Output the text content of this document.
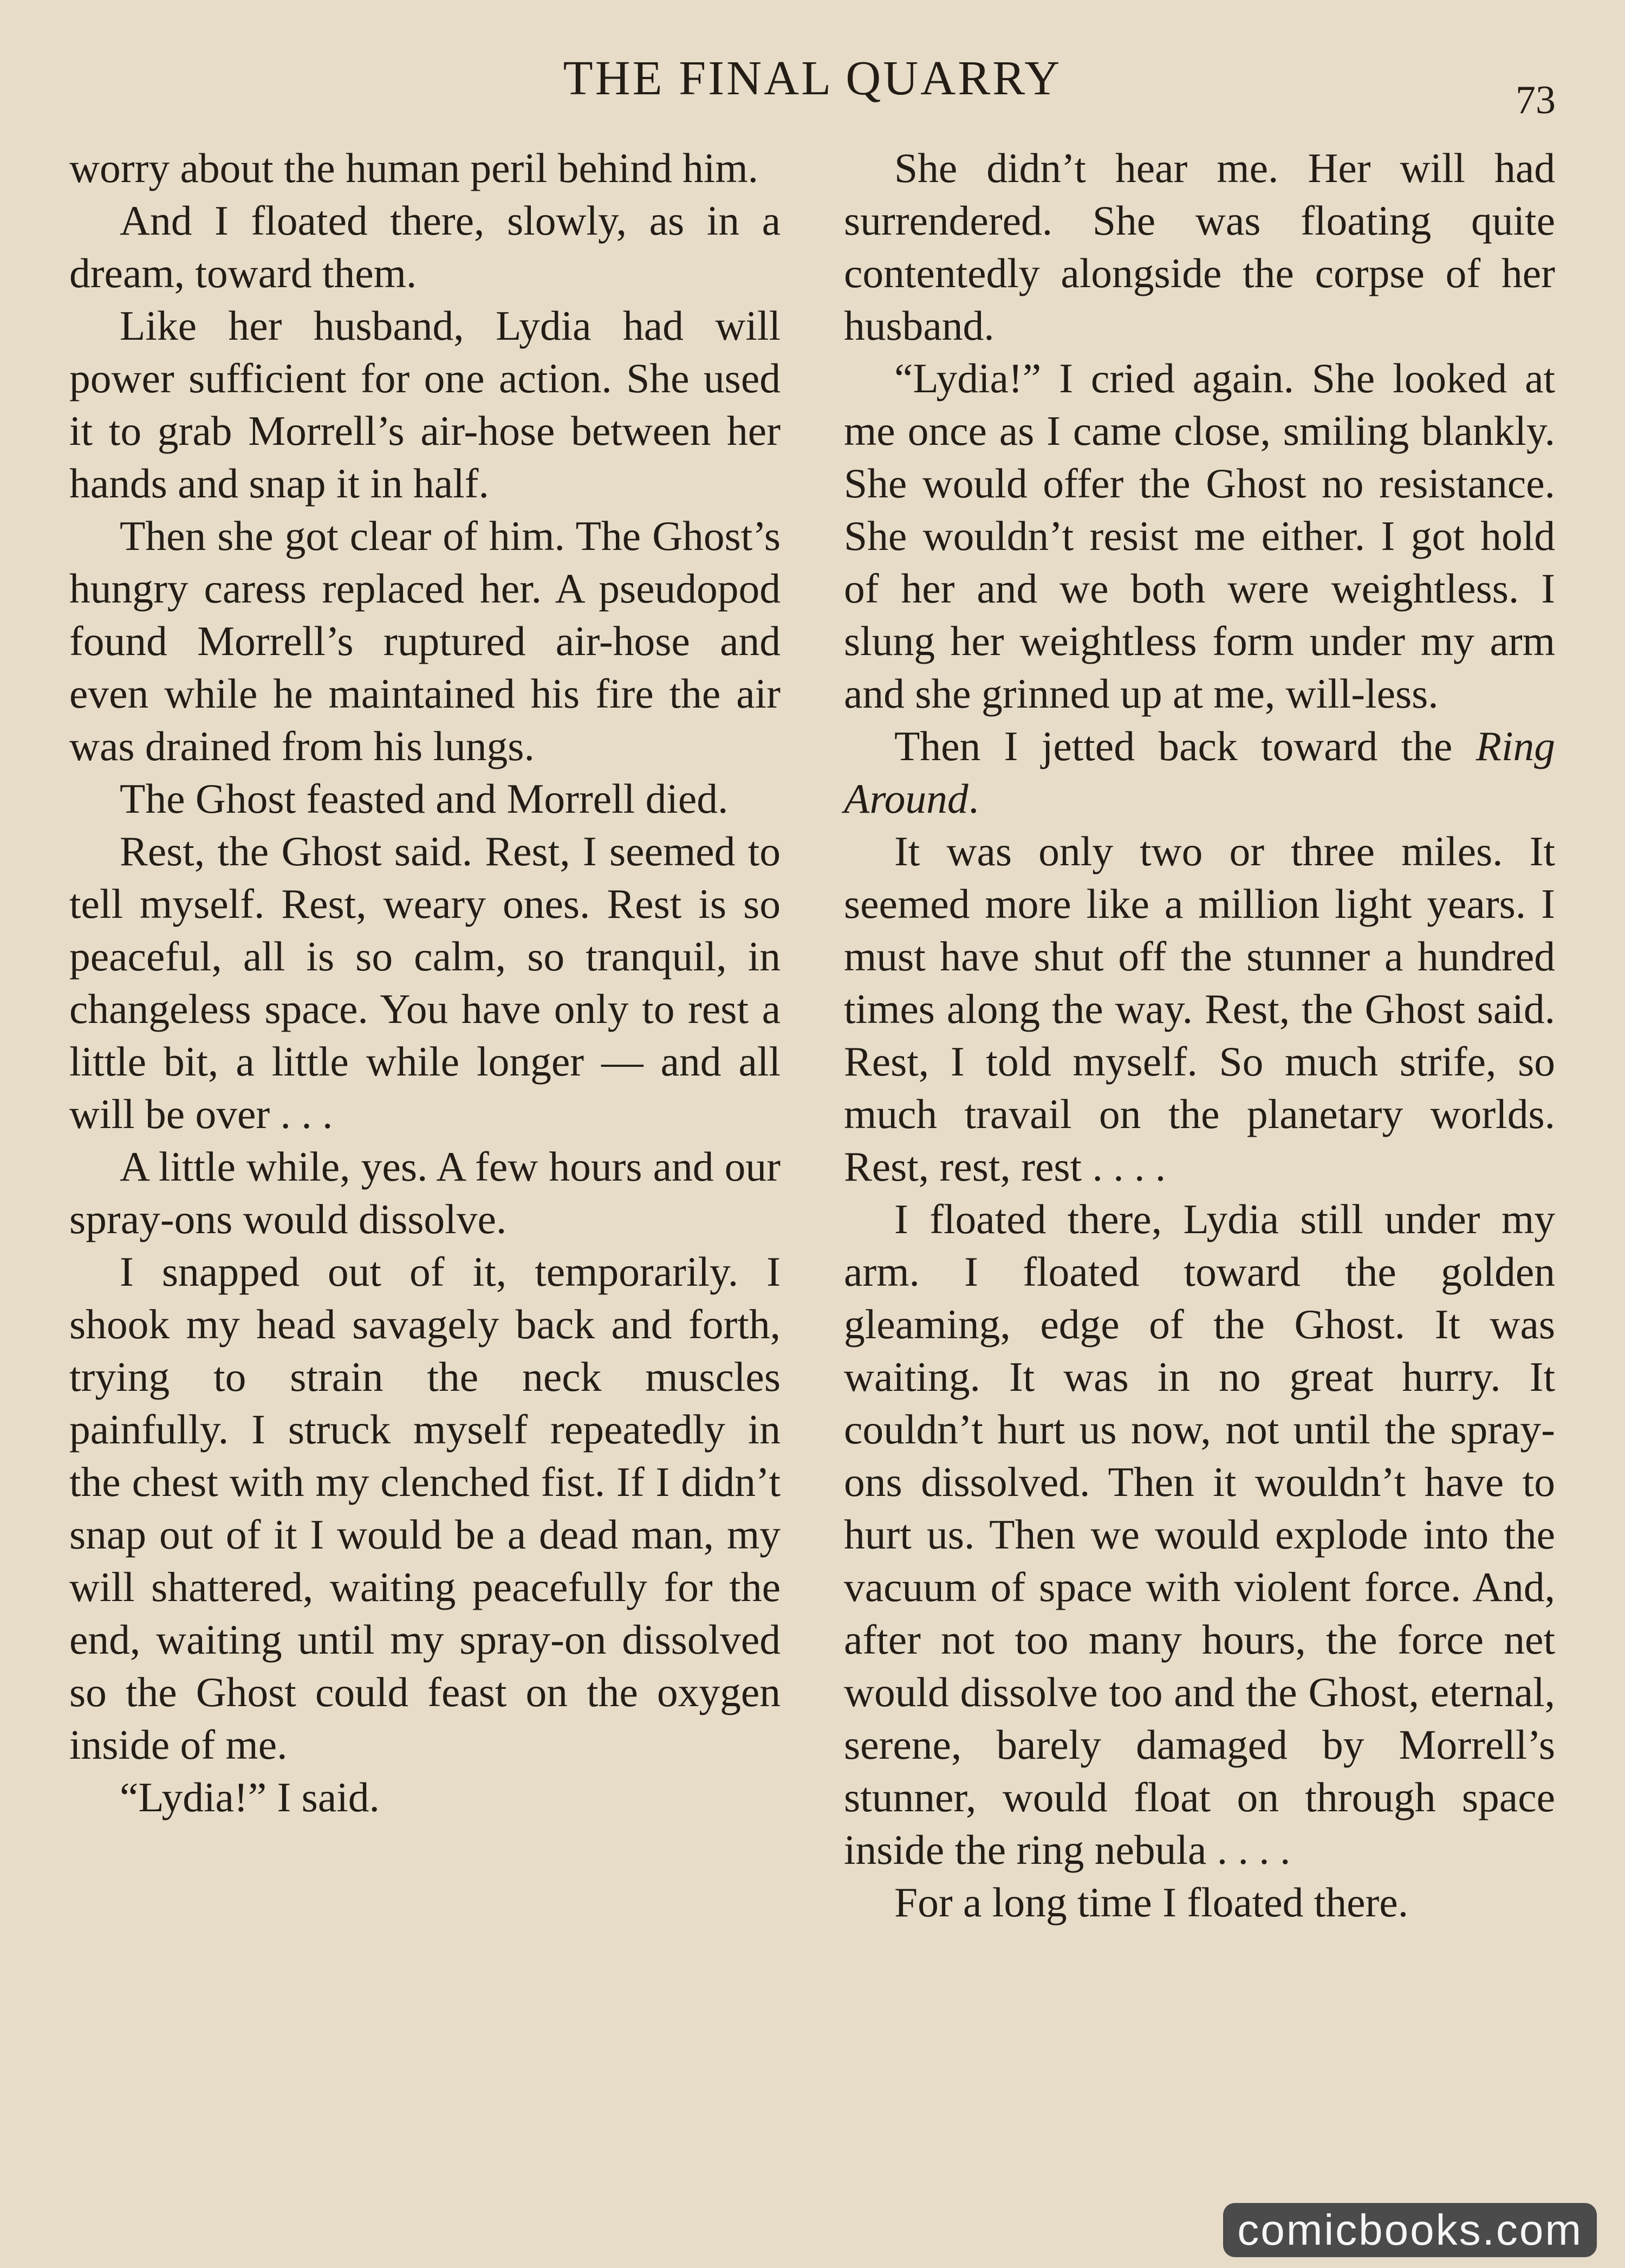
THE FINAL QUARRY	73

worry about the human peril behind him.

And I floated there, slowly, as in a dream, toward them.

Like her husband, Lydia had will power sufficient for one action. She used it to grab Morrell’s air-hose between her hands and snap it in half.

Then she got clear of him. The Ghost’s hungry caress replaced her. A pseudopod found Morrell’s ruptured air-hose and even while he maintained his fire the air was drained from his lungs.

The Ghost feasted and Morrell died.

Rest, the Ghost said. Rest, I seemed to tell myself. Rest, weary ones. Rest is so peaceful, all is so calm, so tranquil, in changeless space. You have only to rest a little bit, a little while longer — and all will be over . . .

A little while, yes. A few hours and our spray-ons would dissolve.

I snapped out of it, temporarily. I shook my head savagely back and forth, trying to strain the neck muscles painfully. I struck myself repeatedly in the chest with my clenched fist. If I didn’t snap out of it I would be a dead man, my will shattered, waiting peacefully for the end, waiting until my spray-on dissolved so the Ghost could feast on the oxygen inside of me.

“Lydia!” I said.

She didn’t hear me. Her will had surrendered. She was floating quite contentedly alongside the corpse of her husband.

“Lydia!” I cried again. She looked at me once as I came close, smiling blankly. She would offer the Ghost no resistance. She wouldn’t resist me either. I got hold of her and we both were weightless. I slung her weightless form under my arm and she grinned up at me, will-less.

Then I jetted back toward the Ring Around.

It was only two or three miles. It seemed more like a million light years. I must have shut off the stunner a hundred times along the way. Rest, the Ghost said. Rest, I told myself. So much strife, so much travail on the planetary worlds. Rest, rest, rest . . . .

I floated there, Lydia still under my arm. I floated toward the golden gleaming, edge of the Ghost. It was waiting. It was in no great hurry. It couldn’t hurt us now, not until the spray-ons dissolved. Then it wouldn’t have to hurt us. Then we would explode into the vacuum of space with violent force. And, after not too many hours, the force net would dissolve too and the Ghost, eternal, serene, barely damaged by Morrell’s stunner, would float on through space inside the ring nebula . . . .

For a long time I floated there.

comicbooks.com
